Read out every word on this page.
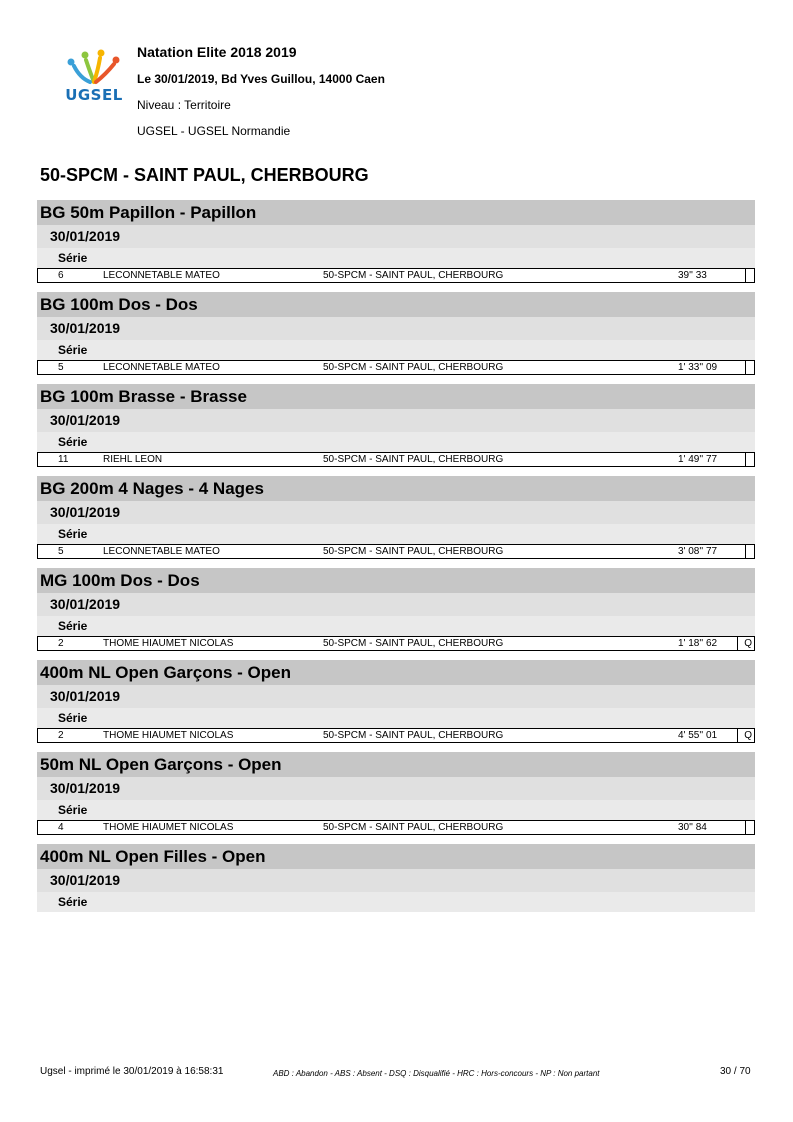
UGSEL
Natation Elite 2018 2019
Le 30/01/2019, Bd Yves Guillou, 14000 Caen
Niveau : Territoire
UGSEL - UGSEL Normandie
50-SPCM - SAINT PAUL, CHERBOURG
BG 50m Papillon - Papillon
30/01/2019
Série
6	LECONNETABLE MATEO	50-SPCM - SAINT PAUL, CHERBOURG	39'' 33
BG 100m Dos - Dos
30/01/2019
Série
5	LECONNETABLE MATEO	50-SPCM - SAINT PAUL, CHERBOURG	1' 33'' 09
BG 100m Brasse - Brasse
30/01/2019
Série
11	RIEHL LEON	50-SPCM - SAINT PAUL, CHERBOURG	1' 49'' 77
BG 200m 4 Nages - 4 Nages
30/01/2019
Série
5	LECONNETABLE MATEO	50-SPCM - SAINT PAUL, CHERBOURG	3' 08'' 77
MG 100m Dos - Dos
30/01/2019
Série
2	THOME HIAUMET NICOLAS	50-SPCM - SAINT PAUL, CHERBOURG	1' 18'' 62	Q
400m NL Open Garçons - Open
30/01/2019
Série
2	THOME HIAUMET NICOLAS	50-SPCM - SAINT PAUL, CHERBOURG	4' 55'' 01	Q
50m NL Open Garçons - Open
30/01/2019
Série
4	THOME HIAUMET NICOLAS	50-SPCM - SAINT PAUL, CHERBOURG	30'' 84
400m NL Open Filles - Open
30/01/2019
Série
Ugsel - imprimé le 30/01/2019 à 16:58:31	ABD : Abandon - ABS : Absent - DSQ : Disqualifié - HRC : Hors-concours - NP : Non partant	30 / 70
